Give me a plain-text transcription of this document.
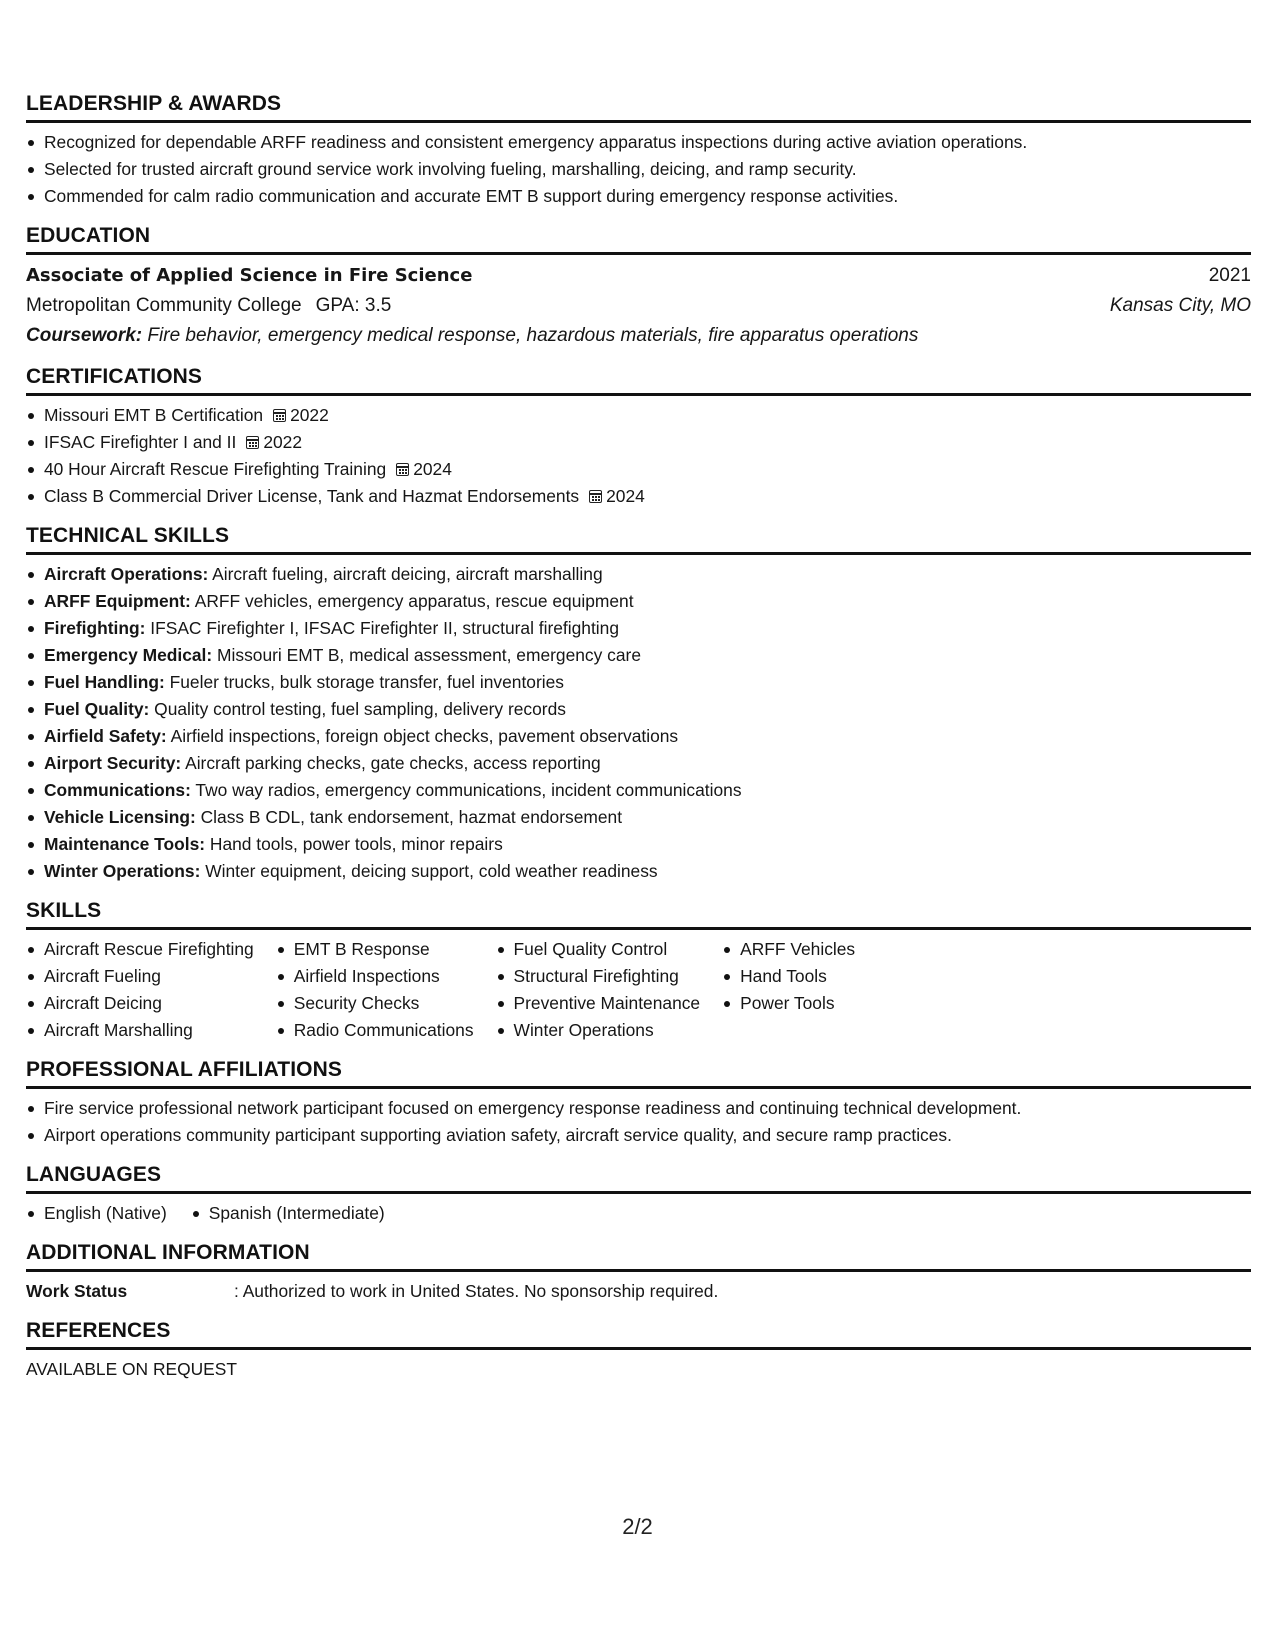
LEADERSHIP & AWARDS
Recognized for dependable ARFF readiness and consistent emergency apparatus inspections during active aviation operations.
Selected for trusted aircraft ground service work involving fueling, marshalling, deicing, and ramp security.
Commended for calm radio communication and accurate EMT B support during emergency response activities.
EDUCATION
Associate of Applied Science in Fire Science	2021
Metropolitan Community College GPA: 3.5	Kansas City, MO
Coursework: Fire behavior, emergency medical response, hazardous materials, fire apparatus operations
CERTIFICATIONS
Missouri EMT B Certification 2022
IFSAC Firefighter I and II 2022
40 Hour Aircraft Rescue Firefighting Training 2024
Class B Commercial Driver License, Tank and Hazmat Endorsements 2024
TECHNICAL SKILLS
Aircraft Operations: Aircraft fueling, aircraft deicing, aircraft marshalling
ARFF Equipment: ARFF vehicles, emergency apparatus, rescue equipment
Firefighting: IFSAC Firefighter I, IFSAC Firefighter II, structural firefighting
Emergency Medical: Missouri EMT B, medical assessment, emergency care
Fuel Handling: Fueler trucks, bulk storage transfer, fuel inventories
Fuel Quality: Quality control testing, fuel sampling, delivery records
Airfield Safety: Airfield inspections, foreign object checks, pavement observations
Airport Security: Aircraft parking checks, gate checks, access reporting
Communications: Two way radios, emergency communications, incident communications
Vehicle Licensing: Class B CDL, tank endorsement, hazmat endorsement
Maintenance Tools: Hand tools, power tools, minor repairs
Winter Operations: Winter equipment, deicing support, cold weather readiness
SKILLS
Aircraft Rescue Firefighting
Aircraft Fueling
Aircraft Deicing
Aircraft Marshalling
EMT B Response
Airfield Inspections
Security Checks
Radio Communications
Fuel Quality Control
Structural Firefighting
Preventive Maintenance
Winter Operations
ARFF Vehicles
Hand Tools
Power Tools
PROFESSIONAL AFFILIATIONS
Fire service professional network participant focused on emergency response readiness and continuing technical development.
Airport operations community participant supporting aviation safety, aircraft service quality, and secure ramp practices.
LANGUAGES
English (Native)	Spanish (Intermediate)
ADDITIONAL INFORMATION
Work Status	: Authorized to work in United States. No sponsorship required.
REFERENCES
AVAILABLE ON REQUEST
2/2
